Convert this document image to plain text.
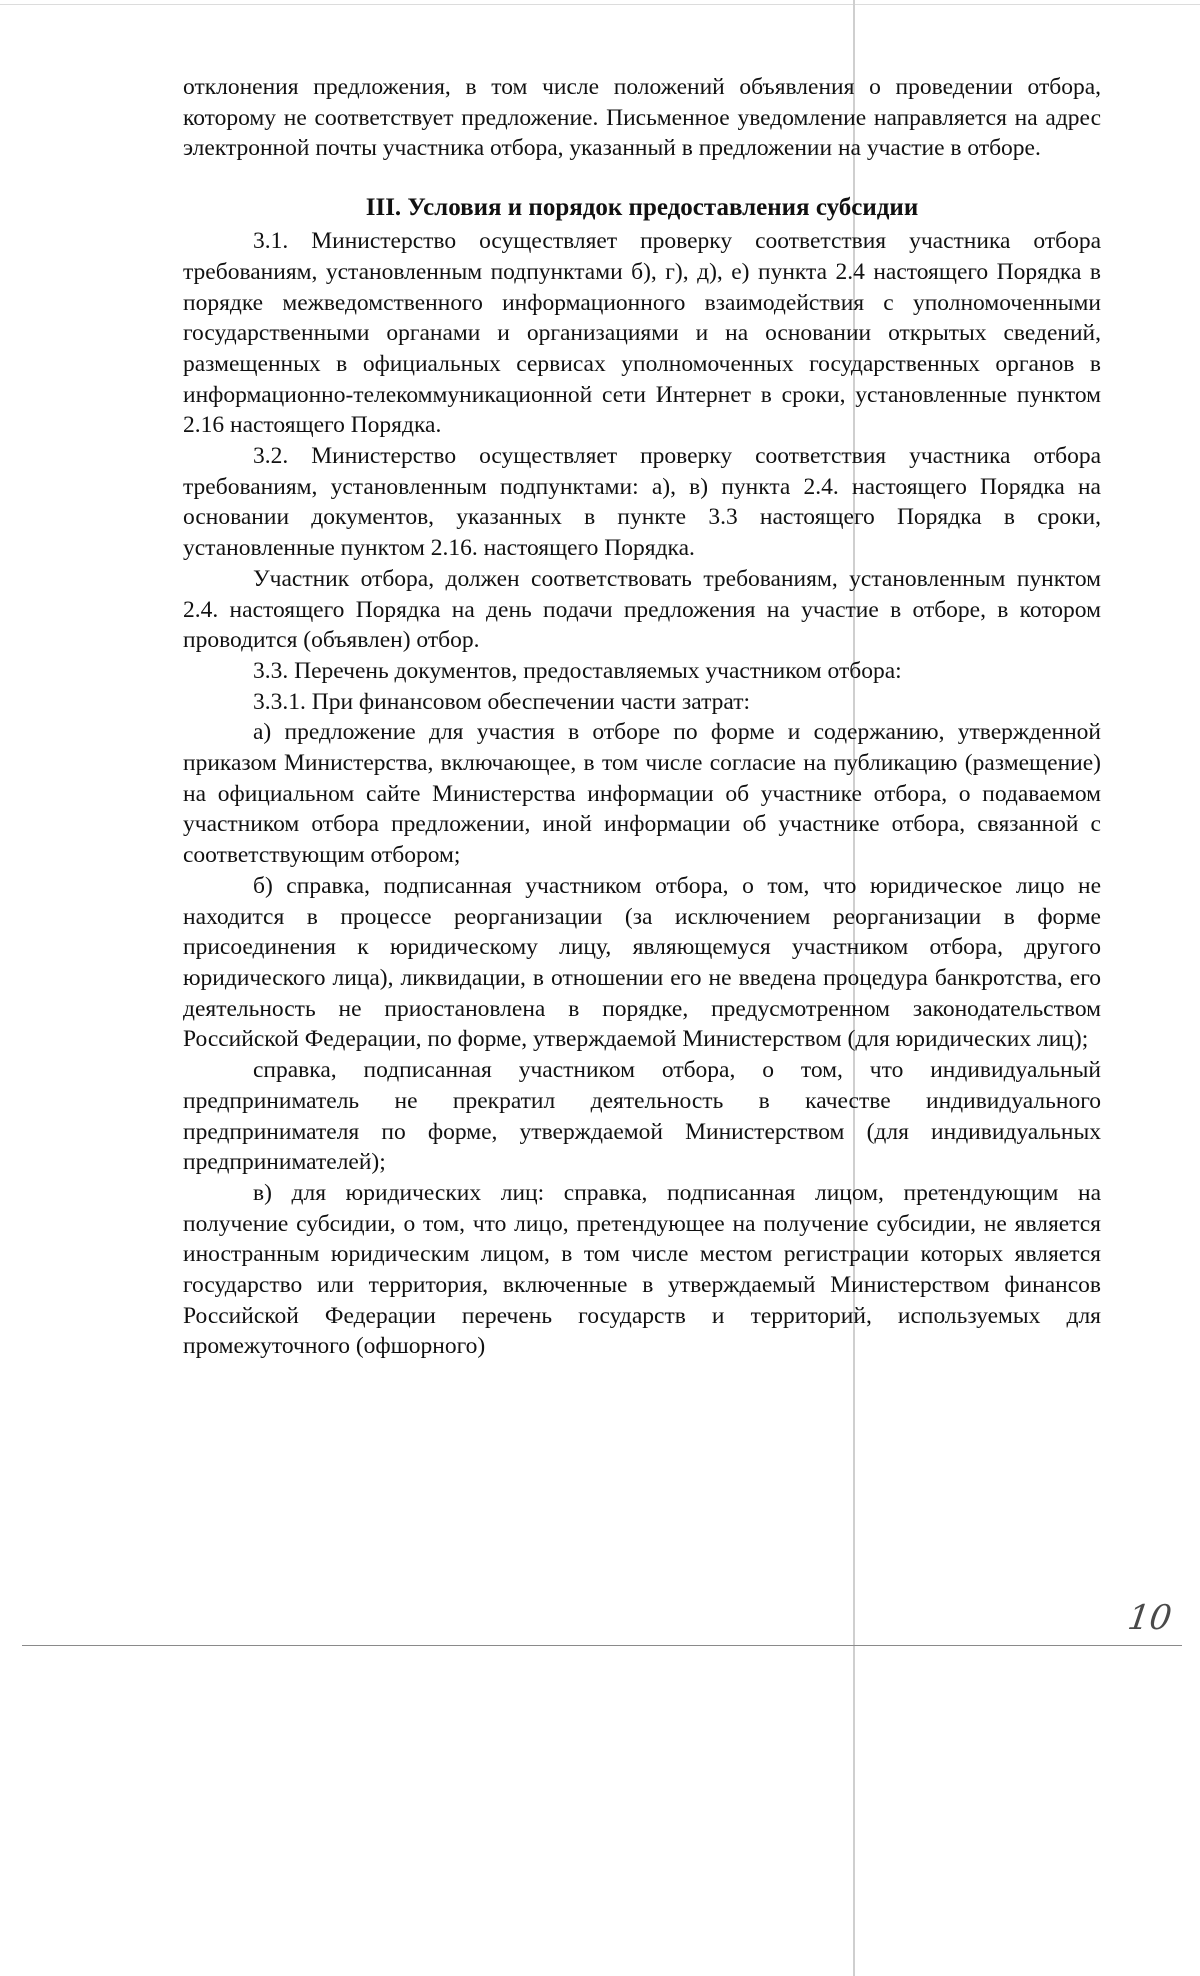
отклонения предложения, в том числе положений объявления о проведении отбора, которому не соответствует предложение. Письменное уведомление направляется на адрес электронной почты участника отбора, указанный в предложении на участие в отборе.

III. Условия и порядок предоставления субсидии

3.1. Министерство осуществляет проверку соответствия участника отбора требованиям, установленным подпунктами б), г), д), е) пункта 2.4 настоящего Порядка в порядке межведомственного информационного взаимодействия с уполномоченными государственными органами и организациями и на основании открытых сведений, размещенных в официальных сервисах уполномоченных государственных органов в информационно-телекоммуникационной сети Интернет в сроки, установленные пунктом 2.16 настоящего Порядка.

3.2. Министерство осуществляет проверку соответствия участника отбора требованиям, установленным подпунктами: а), в) пункта 2.4. настоящего Порядка на основании документов, указанных в пункте 3.3 настоящего Порядка в сроки, установленные пунктом 2.16. настоящего Порядка.

Участник отбора, должен соответствовать требованиям, установленным пунктом 2.4. настоящего Порядка на день подачи предложения на участие в отборе, в котором проводится (объявлен) отбор.

3.3. Перечень документов, предоставляемых участником отбора:

3.3.1. При финансовом обеспечении части затрат:

а) предложение для участия в отборе по форме и содержанию, утвержденной приказом Министерства, включающее, в том числе согласие на публикацию (размещение) на официальном сайте Министерства информации об участнике отбора, о подаваемом участником отбора предложении, иной информации об участнике отбора, связанной с соответствующим отбором;

б) справка, подписанная участником отбора, о том, что юридическое лицо не находится в процессе реорганизации (за исключением реорганизации в форме присоединения к юридическому лицу, являющемуся участником отбора, другого юридического лица), ликвидации, в отношении его не введена процедура банкротства, его деятельность не приостановлена в порядке, предусмотренном законодательством Российской Федерации, по форме, утверждаемой Министерством (для юридических лиц);

справка, подписанная участником отбора, о том, что индивидуальный предприниматель не прекратил деятельность в качестве индивидуального предпринимателя по форме, утверждаемой Министерством (для индивидуальных предпринимателей);

в) для юридических лиц: справка, подписанная лицом, претендующим на получение субсидии, о том, что лицо, претендующее на получение субсидии, не является иностранным юридическим лицом, в том числе местом регистрации которых является государство или территория, включенные в утверждаемый Министерством финансов Российской Федерации перечень государств и территорий, используемых для промежуточного (офшорного)

10
